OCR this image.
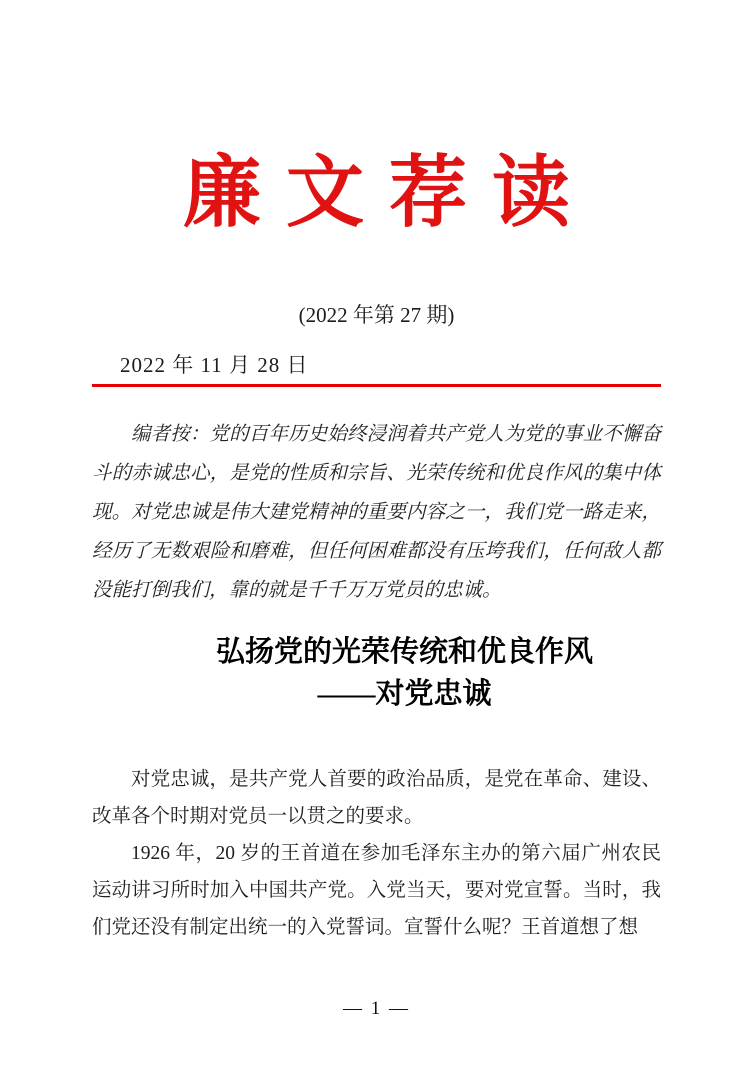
廉文荐读
(2022 年第 27 期)
2022 年 11 月 28 日

编者按：党的百年历史始终浸润着共产党人为党的事业不懈奋斗的赤诚忠心，是党的性质和宗旨、光荣传统和优良作风的集中体现。对党忠诚是伟大建党精神的重要内容之一，我们党一路走来，经历了无数艰险和磨难，但任何困难都没有压垮我们，任何敌人都没能打倒我们，靠的就是千千万万党员的忠诚。

弘扬党的光荣传统和优良作风
——对党忠诚

对党忠诚，是共产党人首要的政治品质，是党在革命、建设、改革各个时期对党员一以贯之的要求。

1926 年，20 岁的王首道在参加毛泽东主办的第六届广州农民运动讲习所时加入中国共产党。入党当天，要对党宣誓。当时，我们党还没有制定出统一的入党誓词。宣誓什么呢？王首道想了想

— 1 —
